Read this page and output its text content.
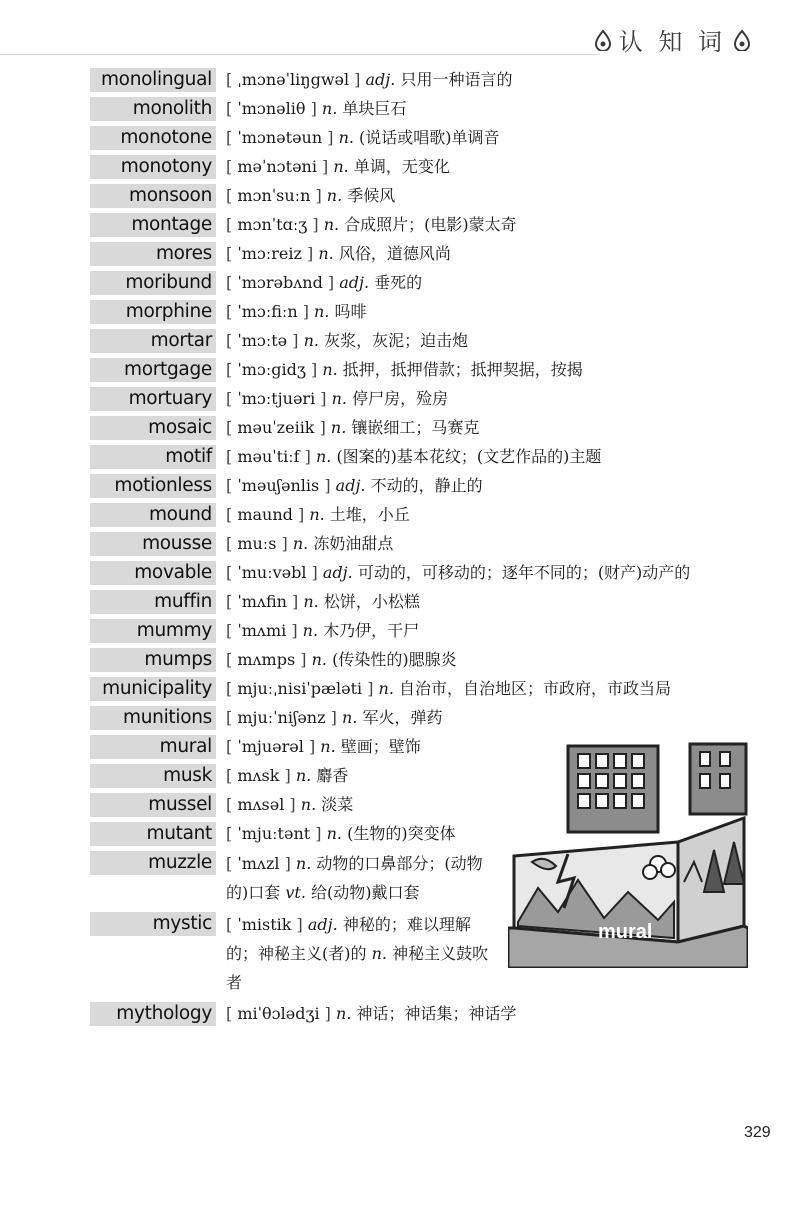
认 知 词
monolingual [ ˌmɔnəˈliŋgwəl ] adj. 只用一种语言的
monolith [ ˈmɔnəliθ ] n. 单块巨石
monotone [ ˈmɔnətəun ] n. (说话或唱歌)单调音
monotony [ məˈnɔtəni ] n. 单调，无变化
monsoon [ mɔnˈsuːn ] n. 季候风
montage [ mɔnˈtɑːʒ ] n. 合成照片；(电影)蒙太奇
mores [ ˈmɔːreiz ] n. 风俗，道德风尚
moribund [ ˈmɔrəbʌnd ] adj. 垂死的
morphine [ ˈmɔːfiːn ] n. 吗啡
mortar [ ˈmɔːtə ] n. 灰浆，灰泥；迫击炮
mortgage [ ˈmɔːgidʒ ] n. 抵押，抵押借款；抵押契据，按揭
mortuary [ ˈmɔːtjuəri ] n. 停尸房，殓房
mosaic [ məuˈzeiik ] n. 镶嵌细工；马赛克
motif [ məuˈtiːf ] n. (图案的)基本花纹；(文艺作品的)主题
motionless [ ˈməuʃənlis ] adj. 不动的，静止的
mound [ maund ] n. 土堆，小丘
mousse [ muːs ] n. 冻奶油甜点
movable [ ˈmuːvəbl ] adj. 可动的，可移动的；逐年不同的；(财产)动产的
muffin [ ˈmʌfin ] n. 松饼，小松糕
mummy [ ˈmʌmi ] n. 木乃伊，干尸
mumps [ mʌmps ] n. (传染性的)腮腺炎
municipality [ mjuːˌnisiˈpæləti ] n. 自治市，自治地区；市政府，市政当局
munitions [ mjuːˈniʃənz ] n. 军火，弹药
mural [ ˈmjuərəl ] n. 壁画；壁饰
musk [ mʌsk ] n. 麝香
mussel [ mʌsəl ] n. 淡菜
mutant [ ˈmjuːtənt ] n. (生物的)突变体
muzzle [ ˈmʌzl ] n. 动物的口鼻部分；(动物的)口套 vt. 给(动物)戴口套
mystic [ ˈmistik ] adj. 神秘的；难以理解的；神秘主义(者)的 n. 神秘主义鼓吹者
mythology [ miˈθɔlədʒi ] n. 神话；神话集；神话学
mural
329
